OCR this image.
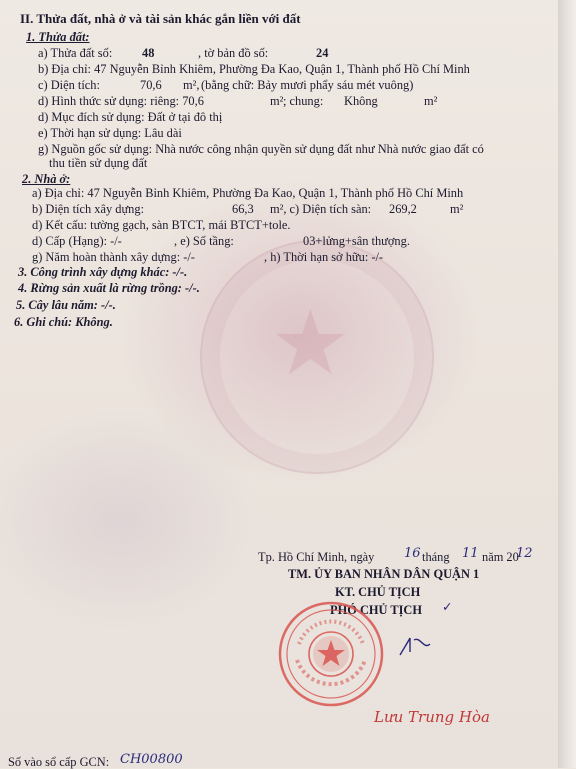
★
II. Thửa đất, nhà ở và tài sản khác gắn liền với đất
1. Thửa đất:
a) Thửa đất số: 48	, tờ bản đồ số:	24
b) Địa chỉ: 47 Nguyễn Bỉnh Khiêm, Phường Đa Kao, Quận 1, Thành phố Hồ Chí Minh
c) Diện tích:	70,6 m², (bằng chữ: Bảy mươi phẩy sáu mét vuông)
d) Hình thức sử dụng: riêng: 70,6	m² ; chung: Không	m²
d) Mục đích sử dụng: Đất ở tại đô thị
e) Thời hạn sử dụng: Lâu dài
g) Nguồn gốc sử dụng: Nhà nước công nhận quyền sử dụng đất như Nhà nước giao đất có
thu tiền sử dụng đất
2. Nhà ở:
a) Địa chỉ: 47 Nguyễn Bỉnh Khiêm, Phường Đa Kao, Quận 1, Thành phố Hồ Chí Minh
b) Diện tích xây dựng:	66,3 m², c) Diện tích sàn: 269,2	m²
d) Kết cấu: tường gạch, sàn BTCT, mái BTCT+tole.
d) Cấp (Hạng): -/-	, e) Số tầng:	03+lửng+sân thượng.
g) Năm hoàn thành xây dựng: -/-	, h) Thời hạn sở hữu: -/-
3. Công trình xây dựng khác: -/-.
4. Rừng sản xuất là rừng trồng: -/-.
5. Cây lâu năm: -/-.
6. Ghi chú: Không.
Tp. Hồ Chí Minh, ngày 16 tháng 11 năm 20
12
TM. ỦY BAN NHÂN DÂN QUẬN 1
KT. CHỦ TỊCH
PHÓ CHỦ TỊCH ✓
Lưu Trung Hòa
Số vào sổ cấp GCN: CH00800
